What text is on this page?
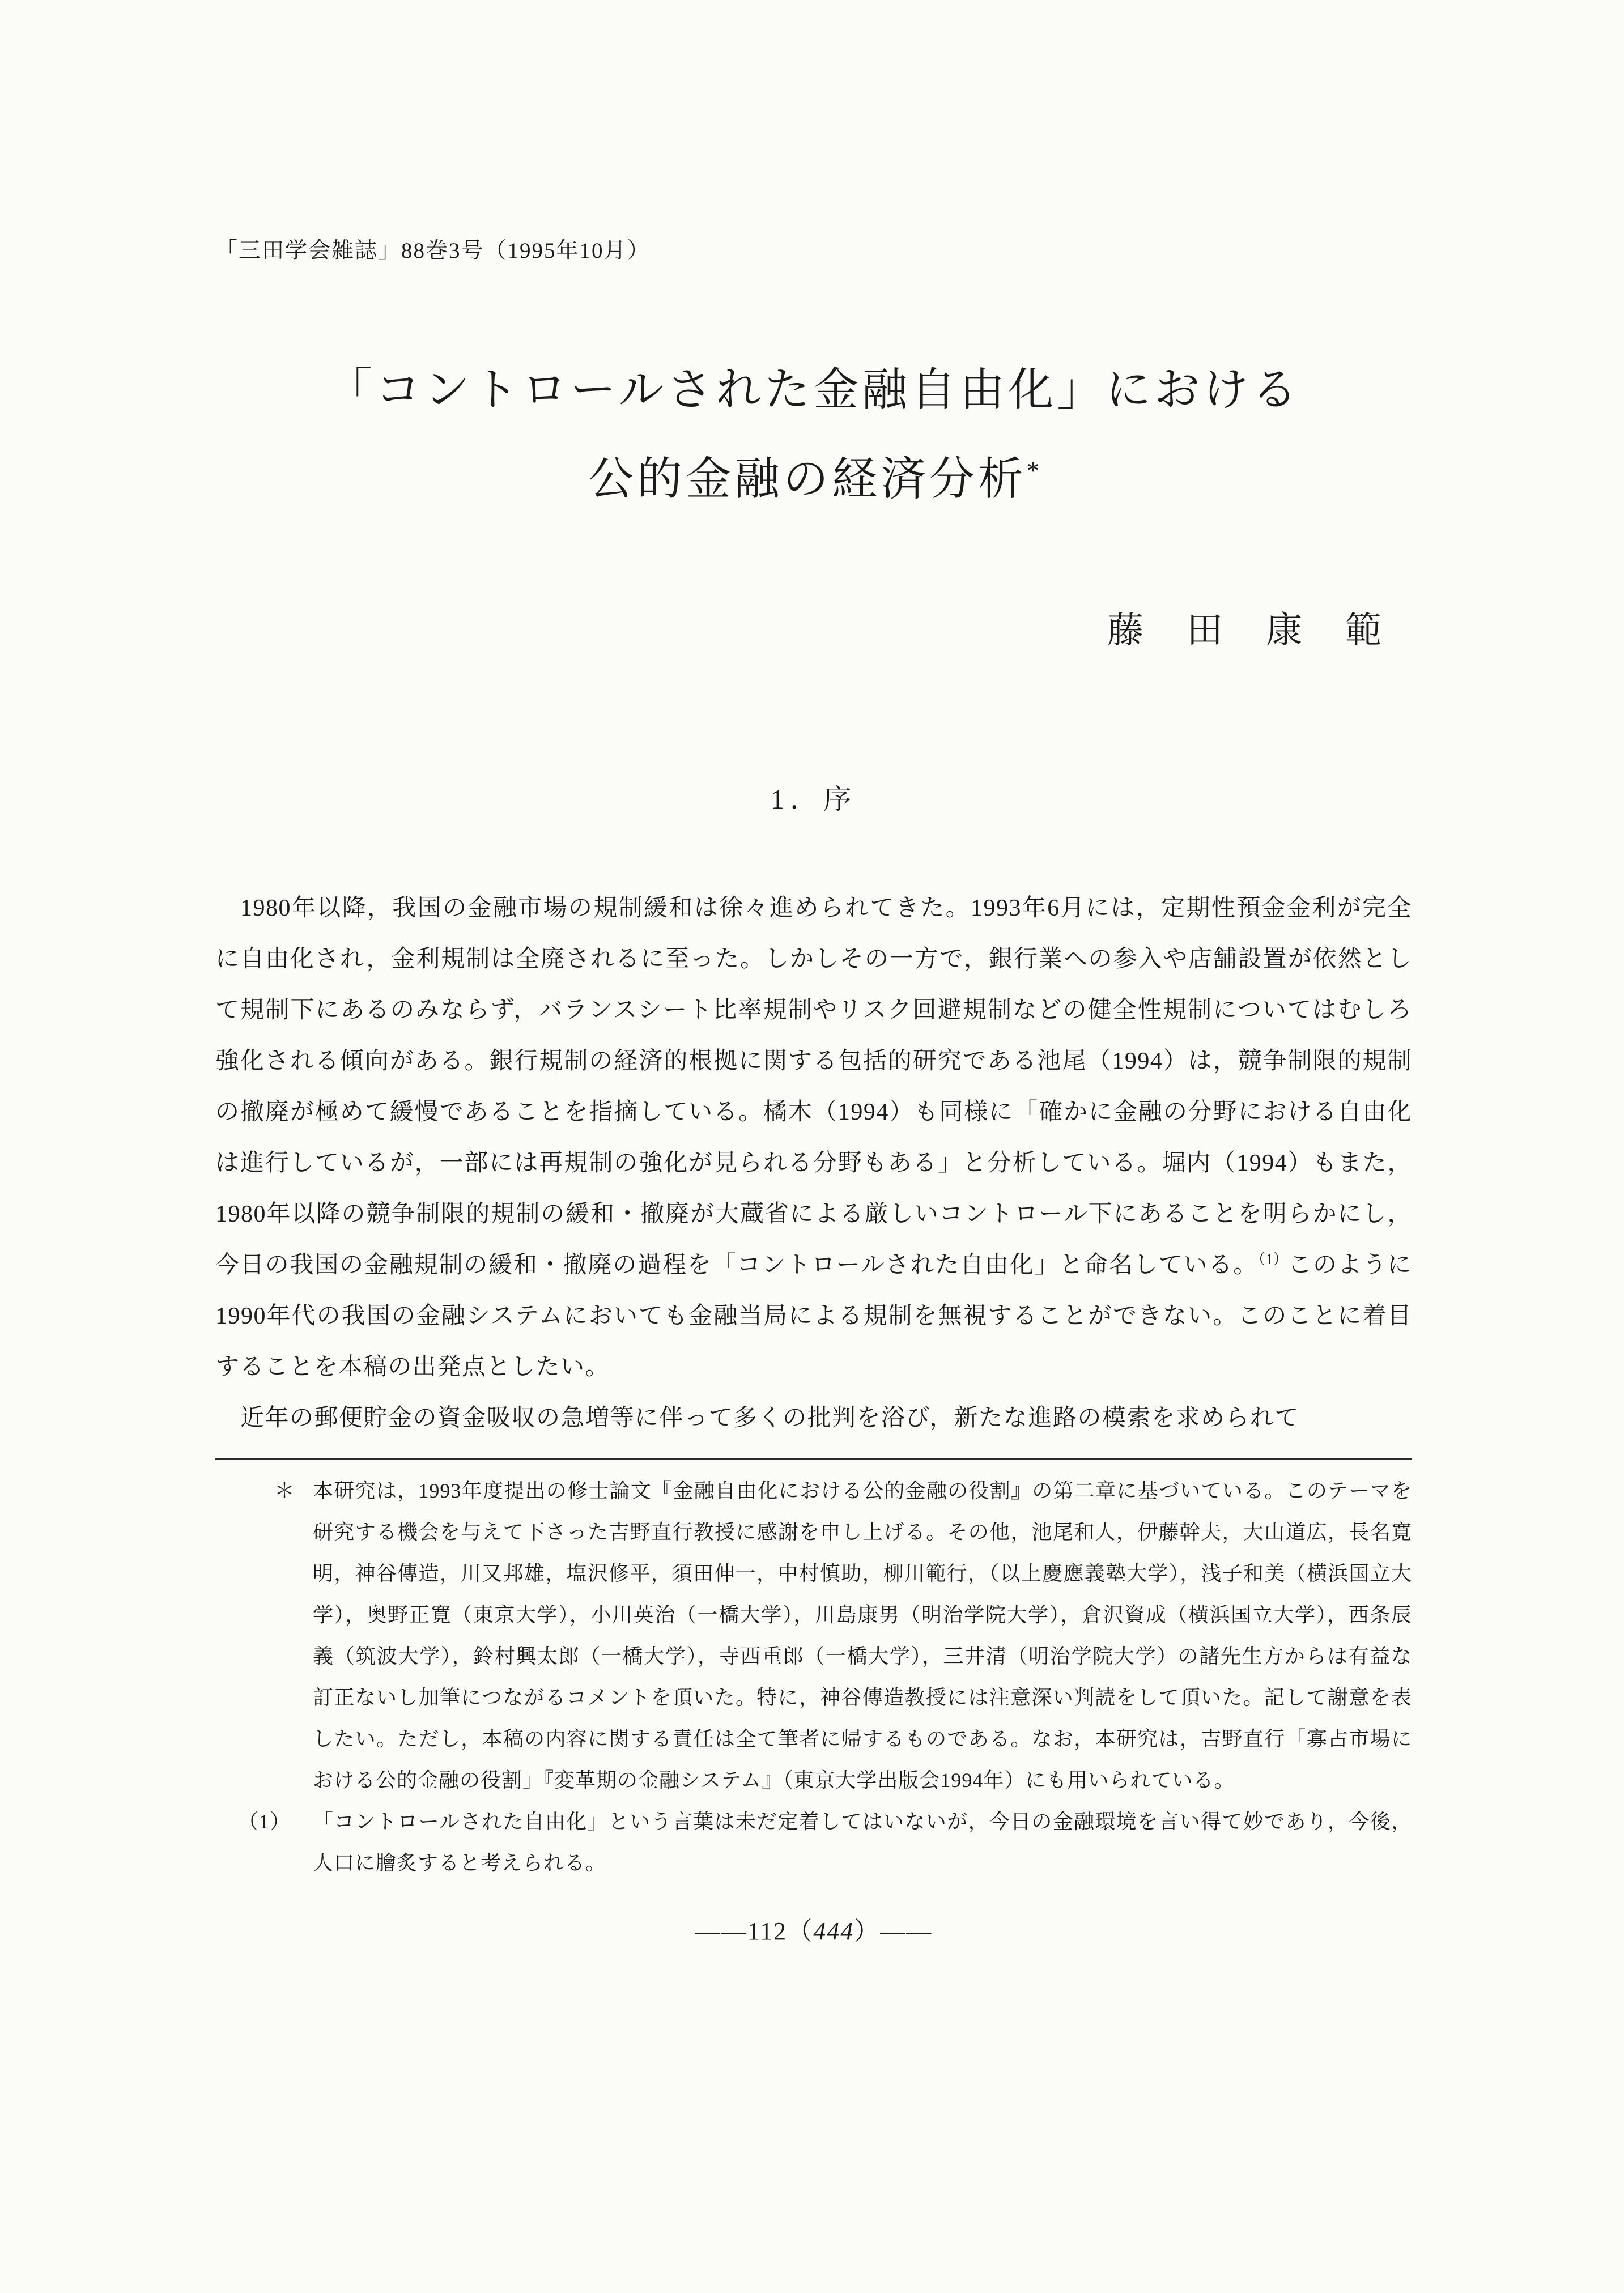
「三田学会雑誌」88巻3号（1995年10月）
「コントロールされた金融自由化」における
公的金融の経済分析*
藤　田　康　範
1．序

1980年以降，我国の金融市場の規制緩和は徐々進められてきた。1993年6月には，定期性預金金利が完全に自由化され，金利規制は全廃されるに至った。しかしその一方で，銀行業への参入や店舗設置が依然として規制下にあるのみならず，バランスシート比率規制やリスク回避規制などの健全性規制についてはむしろ強化される傾向がある。銀行規制の経済的根拠に関する包括的研究である池尾（1994）は，競争制限的規制の撤廃が極めて緩慢であることを指摘している。橘木（1994）も同様に「確かに金融の分野における自由化は進行しているが，一部には再規制の強化が見られる分野もある」と分析している。堀内（1994）もまた，1980年以降の競争制限的規制の緩和・撤廃が大蔵省による厳しいコントロール下にあることを明らかにし，今日の我国の金融規制の緩和・撤廃の過程を「コントロールされた自由化」と命名している。$^{(1)}$このように1990年代の我国の金融システムにおいても金融当局による規制を無視することができない。このことに着目することを本稿の出発点としたい。

近年の郵便貯金の資金吸収の急増等に伴って多くの批判を浴び，新たな進路の模索を求められて

＊ 本研究は，1993年度提出の修士論文『金融自由化における公的金融の役割』の第二章に基づいている。このテーマを研究する機会を与えて下さった吉野直行教授に感謝を申し上げる。その他，池尾和人，伊藤幹夫，大山道広，長名寛明，神谷傳造，川又邦雄，塩沢修平，須田伸一，中村慎助，柳川範行，（以上慶應義塾大学），浅子和美（横浜国立大学），奥野正寛（東京大学），小川英治（一橋大学），川島康男（明治学院大学），倉沢資成（横浜国立大学），西条辰義（筑波大学），鈴村興太郎（一橋大学），寺西重郎（一橋大学），三井清（明治学院大学）の諸先生方からは有益な訂正ないし加筆につながるコメントを頂いた。特に，神谷傳造教授には注意深い判読をして頂いた。記して謝意を表したい。ただし，本稿の内容に関する責任は全て筆者に帰するものである。なお，本研究は，吉野直行「寡占市場における公的金融の役割」『変革期の金融システム』（東京大学出版会1994年）にも用いられている。
（1）	「コントロールされた自由化」という言葉は未だ定着してはいないが，今日の金融環境を言い得て妙であり，今後，人口に膾炙すると考えられる。
——112（444）——
